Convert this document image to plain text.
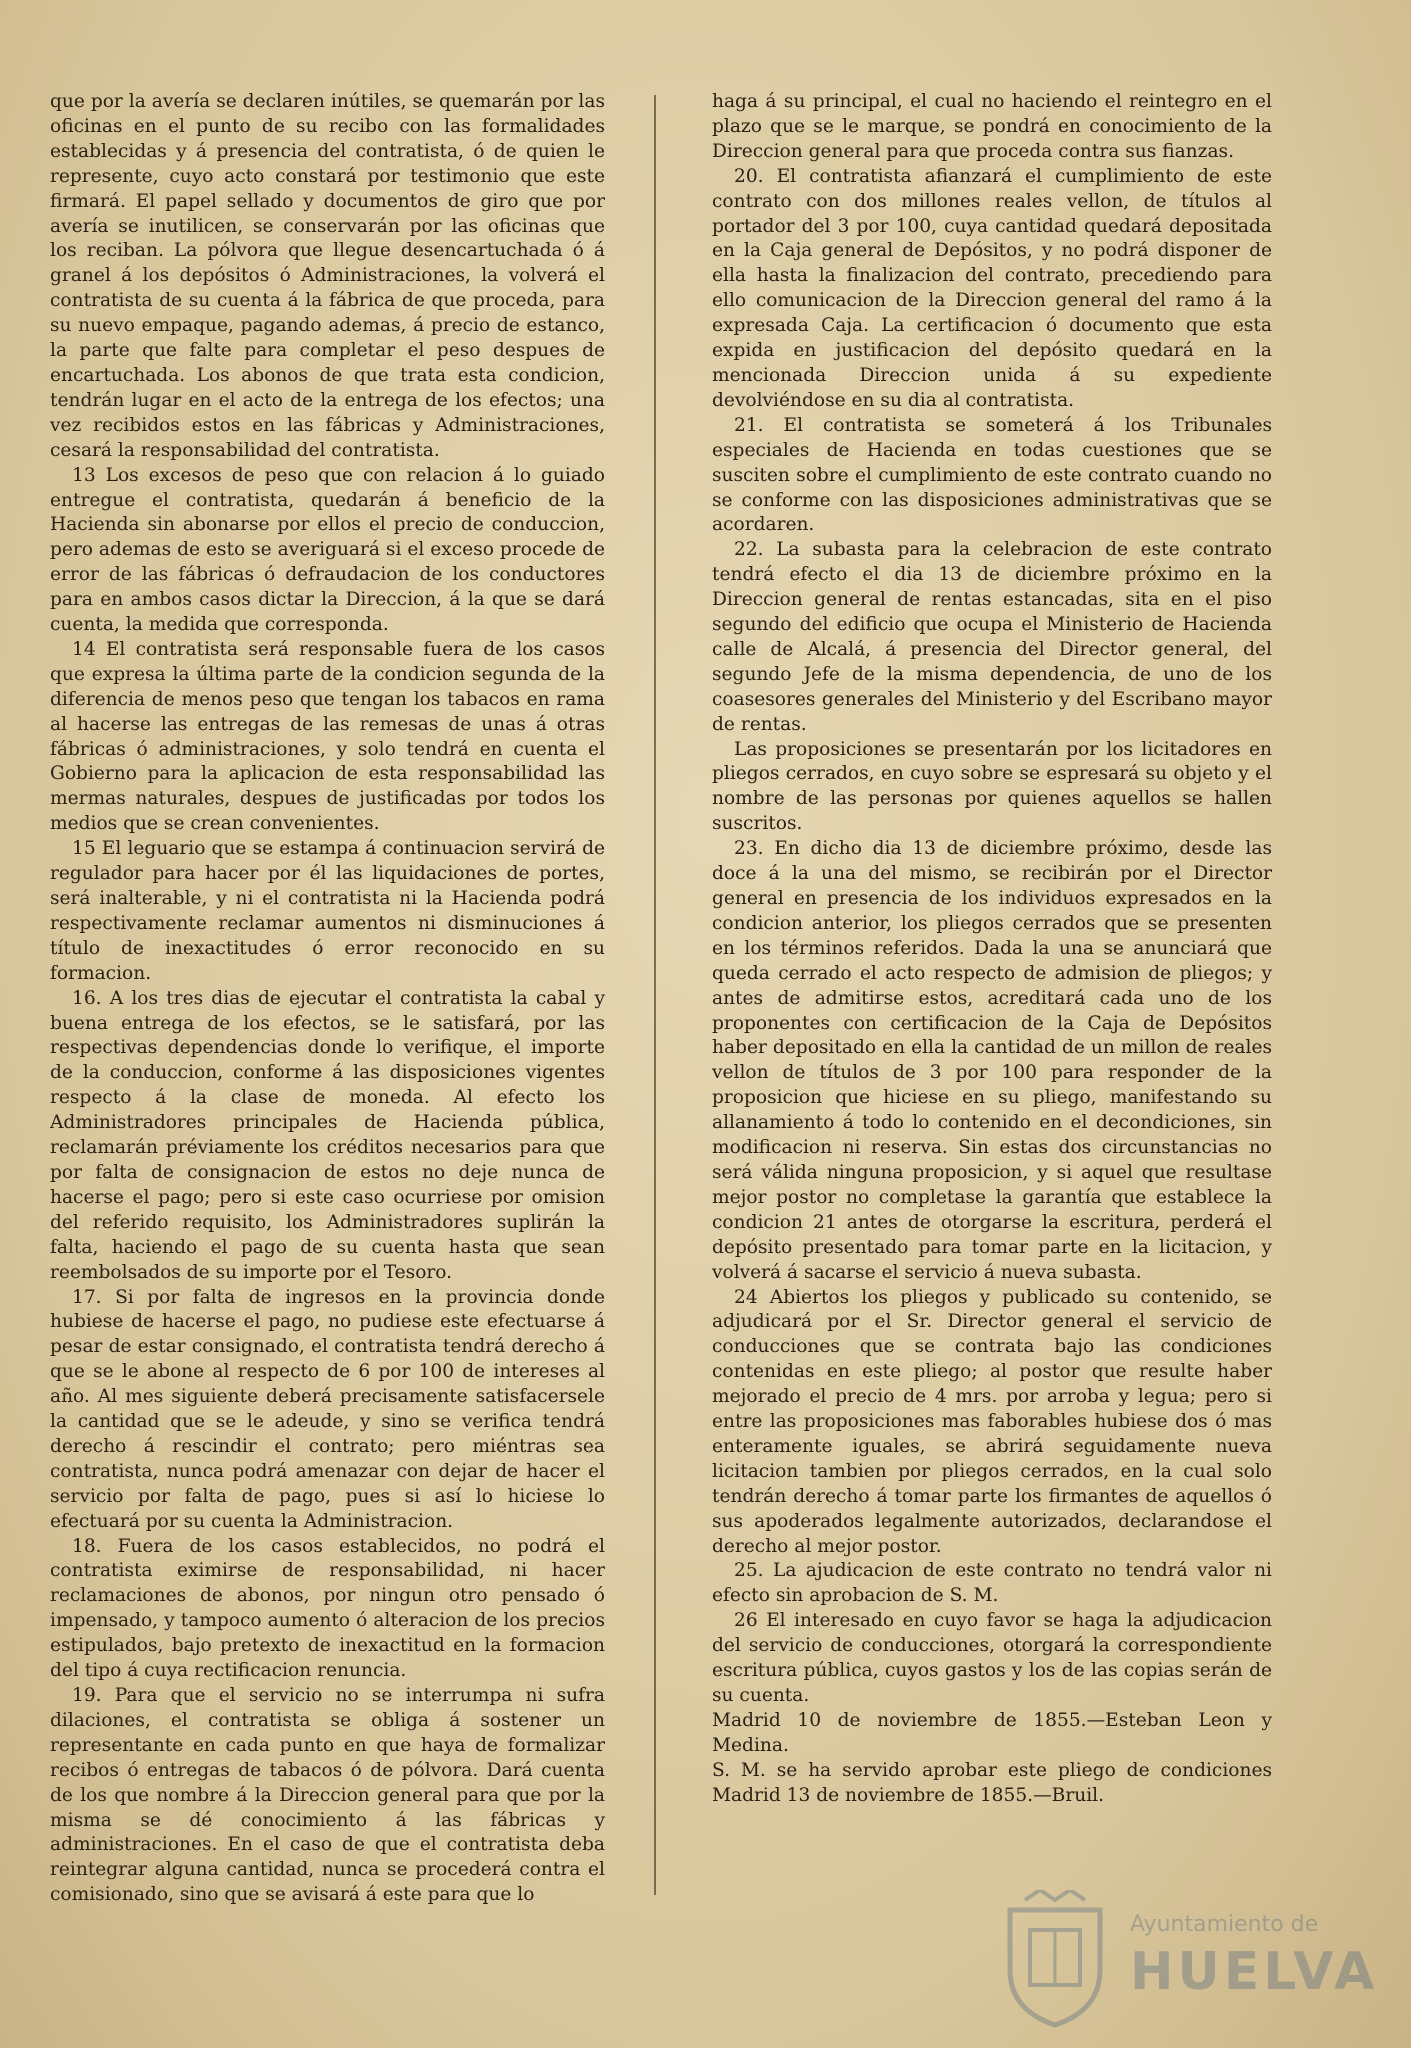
que por la avería se declaren inútiles, se quemarán por las oficinas en el punto de su recibo con las formalidades establecidas y á presencia del contratista, ó de quien le represente, cuyo acto constará por testimonio que este firmará. El papel sellado y documentos de giro que por avería se inutilicen, se conservarán por las oficinas que los reciban. La pólvora que llegue desencartuchada ó á granel á los depósitos ó Administraciones, la volverá el contratista de su cuenta á la fábrica de que proceda, para su nuevo empaque, pagando ademas, á precio de estanco, la parte que falte para completar el peso despues de encartuchada. Los abonos de que trata esta condicion, tendrán lugar en el acto de la entrega de los efectos; una vez recibidos estos en las fábricas y Administraciones, cesará la responsabilidad del contratista.

13 Los excesos de peso que con relacion á lo guiado entregue el contratista, quedarán á beneficio de la Hacienda sin abonarse por ellos el precio de conduccion, pero ademas de esto se averiguará si el exceso procede de error de las fábricas ó defraudacion de los conductores para en ambos casos dictar la Direccion, á la que se dará cuenta, la medida que corresponda.

14 El contratista será responsable fuera de los casos que expresa la última parte de la condicion segunda de la diferencia de menos peso que tengan los tabacos en rama al hacerse las entregas de las remesas de unas á otras fábricas ó administraciones, y solo tendrá en cuenta el Gobierno para la aplicacion de esta responsabilidad las mermas naturales, despues de justificadas por todos los medios que se crean convenientes.

15 El leguario que se estampa á continuacion servirá de regulador para hacer por él las liquidaciones de portes, será inalterable, y ni el contratista ni la Hacienda podrá respectivamente reclamar aumentos ni disminuciones á título de inexactitudes ó error reconocido en su formacion.

16. A los tres dias de ejecutar el contratista la cabal y buena entrega de los efectos, se le satisfará, por las respectivas dependencias donde lo verifique, el importe de la conduccion, conforme á las disposiciones vigentes respecto á la clase de moneda. Al efecto los Administradores principales de Hacienda pública, reclamarán préviamente los créditos necesarios para que por falta de consignacion de estos no deje nunca de hacerse el pago; pero si este caso ocurriese por omision del referido requisito, los Administradores suplirán la falta, haciendo el pago de su cuenta hasta que sean reembolsados de su importe por el Tesoro.

17. Si por falta de ingresos en la provincia donde hubiese de hacerse el pago, no pudiese este efectuarse á pesar de estar consignado, el contratista tendrá derecho á que se le abone al respecto de 6 por 100 de intereses al año. Al mes siguiente deberá precisamente satisfacersele la cantidad que se le adeude, y sino se verifica tendrá derecho á rescindir el contrato; pero miéntras sea contratista, nunca podrá amenazar con dejar de hacer el servicio por falta de pago, pues si así lo hiciese lo efectuará por su cuenta la Administracion.

18. Fuera de los casos establecidos, no podrá el contratista eximirse de responsabilidad, ni hacer reclamaciones de abonos, por ningun otro pensado ó impensado, y tampoco aumento ó alteracion de los precios estipulados, bajo pretexto de inexactitud en la formacion del tipo á cuya rectificacion renuncia.

19. Para que el servicio no se interrumpa ni sufra dilaciones, el contratista se obliga á sostener un representante en cada punto en que haya de formalizar recibos ó entregas de tabacos ó de pólvora. Dará cuenta de los que nombre á la Direccion general para que por la misma se dé conocimiento á las fábricas y administraciones. En el caso de que el contratista deba reintegrar alguna cantidad, nunca se procederá contra el comisionado, sino que se avisará á este para que lo

haga á su principal, el cual no haciendo el reintegro en el plazo que se le marque, se pondrá en conocimiento de la Direccion general para que proceda contra sus fianzas.

20. El contratista afianzará el cumplimiento de este contrato con dos millones reales vellon, de títulos al portador del 3 por 100, cuya cantidad quedará depositada en la Caja general de Depósitos, y no podrá disponer de ella hasta la finalizacion del contrato, precediendo para ello comunicacion de la Direccion general del ramo á la expresada Caja. La certificacion ó documento que esta expida en justificacion del depósito quedará en la mencionada Direccion unida á su expediente devolviéndose en su dia al contratista.

21. El contratista se someterá á los Tribunales especiales de Hacienda en todas cuestiones que se susciten sobre el cumplimiento de este contrato cuando no se conforme con las disposiciones administrativas que se acordaren.

22. La subasta para la celebracion de este contrato tendrá efecto el dia 13 de diciembre próximo en la Direccion general de rentas estancadas, sita en el piso segundo del edificio que ocupa el Ministerio de Hacienda calle de Alcalá, á presencia del Director general, del segundo Jefe de la misma dependencia, de uno de los coasesores generales del Ministerio y del Escribano mayor de rentas.

Las proposiciones se presentarán por los licitadores en pliegos cerrados, en cuyo sobre se espresará su objeto y el nombre de las personas por quienes aquellos se hallen suscritos.

23. En dicho dia 13 de diciembre próximo, desde las doce á la una del mismo, se recibirán por el Director general en presencia de los individuos expresados en la condicion anterior, los pliegos cerrados que se presenten en los términos referidos. Dada la una se anunciará que queda cerrado el acto respecto de admision de pliegos; y antes de admitirse estos, acreditará cada uno de los proponentes con certificacion de la Caja de Depósitos haber depositado en ella la cantidad de un millon de reales vellon de títulos de 3 por 100 para responder de la proposicion que hiciese en su pliego, manifestando su allanamiento á todo lo contenido en el decondiciones, sin modificacion ni reserva. Sin estas dos circunstancias no será válida ninguna proposicion, y si aquel que resultase mejor postor no completase la garantía que establece la condicion 21 antes de otorgarse la escritura, perderá el depósito presentado para tomar parte en la licitacion, y volverá á sacarse el servicio á nueva subasta.

24 Abiertos los pliegos y publicado su contenido, se adjudicará por el Sr. Director general el servicio de conducciones que se contrata bajo las condiciones contenidas en este pliego; al postor que resulte haber mejorado el precio de 4 mrs. por arroba y legua; pero si entre las proposiciones mas faborables hubiese dos ó mas enteramente iguales, se abrirá seguidamente nueva licitacion tambien por pliegos cerrados, en la cual solo tendrán derecho á tomar parte los firmantes de aquellos ó sus apoderados legalmente autorizados, declarandose el derecho al mejor postor.

25. La ajudicacion de este contrato no tendrá valor ni efecto sin aprobacion de S. M.

26 El interesado en cuyo favor se haga la adjudicacion del servicio de conducciones, otorgará la correspondiente escritura pública, cuyos gastos y los de las copias serán de su cuenta.

Madrid 10 de noviembre de 1855.—Esteban Leon y Medina.

S. M. se ha servido aprobar este pliego de condiciones Madrid 13 de noviembre de 1855.—Bruil.

Ayuntamiento de
HUELVA
